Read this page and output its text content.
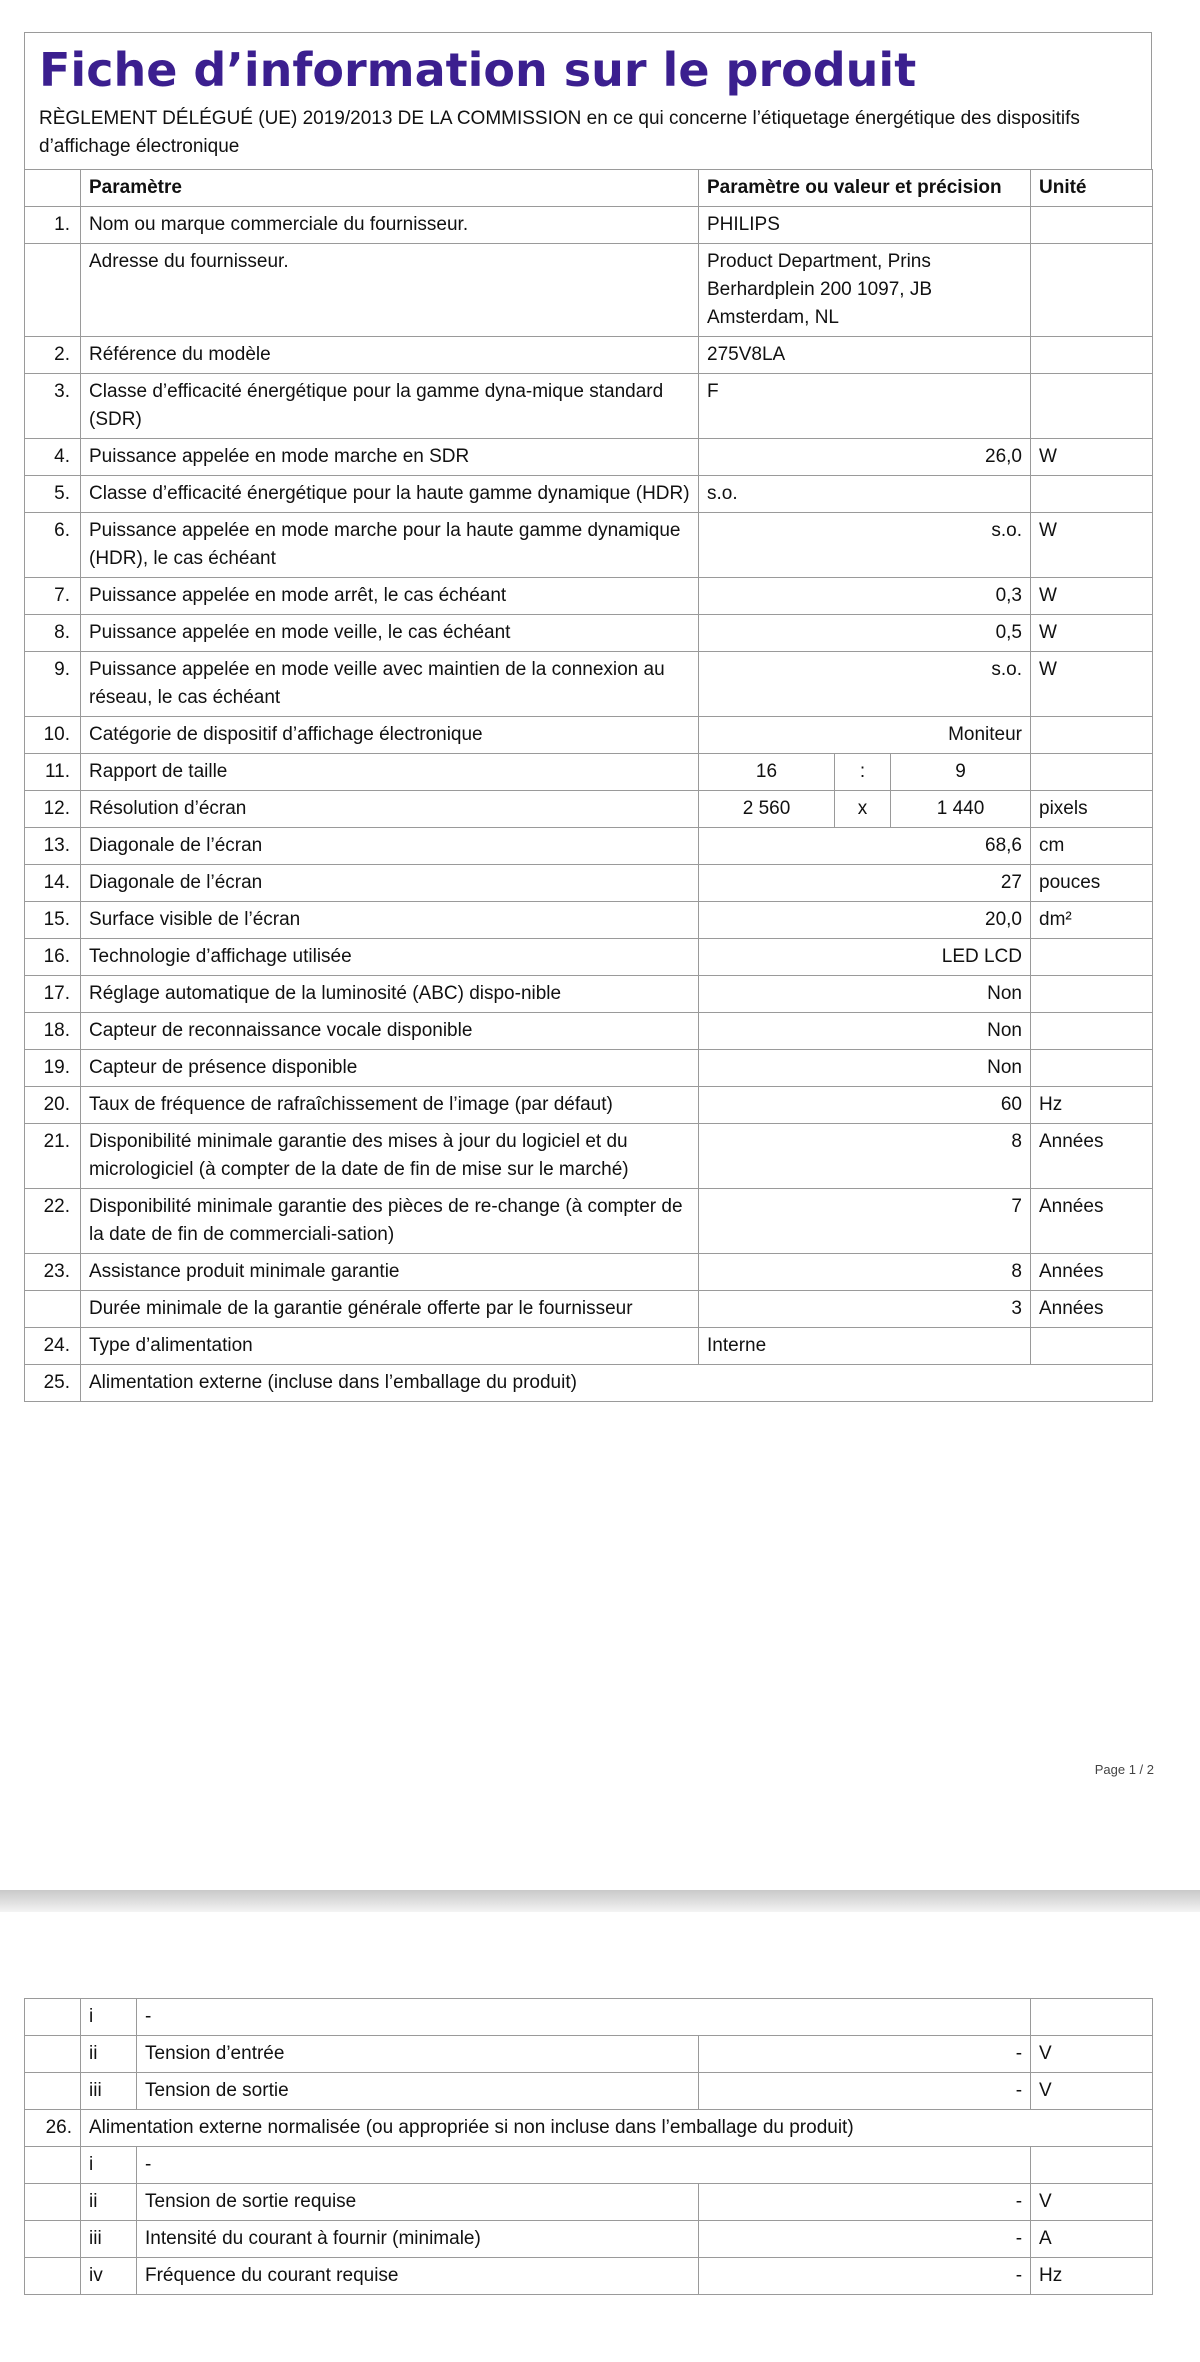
Fiche d’information sur le produit
RÈGLEMENT DÉLÉGUÉ (UE) 2019/2013 DE LA COMMISSION en ce qui concerne l’étiquetage énergétique des dispositifs d’affichage électronique
	Paramètre	Paramètre ou valeur et précision			Unité
1.	Nom ou marque commerciale du fournisseur.	PHILIPS			
	Adresse du fournisseur.	Product Department, Prins Berhardplein 200 1097, JB Amsterdam, NL			
2.	Référence du modèle	275V8LA			
3.	Classe d’efficacité énergétique pour la gamme dyna-mique standard (SDR)	F			
4.	Puissance appelée en mode marche en SDR	26,0			W
5.	Classe d’efficacité énergétique pour la haute gamme dynamique (HDR)	s.o.			
6.	Puissance appelée en mode marche pour la haute gamme dynamique (HDR), le cas échéant	s.o.			W
7.	Puissance appelée en mode arrêt, le cas échéant	0,3			W
8.	Puissance appelée en mode veille, le cas échéant	0,5			W
9.	Puissance appelée en mode veille avec maintien de la connexion au réseau, le cas échéant	s.o.			W
10.	Catégorie de dispositif d’affichage électronique	Moniteur			
11.	Rapport de taille	16	:	9	
12.	Résolution d’écran	2 560	x	1 440	pixels
13.	Diagonale de l’écran	68,6			cm
14.	Diagonale de l’écran	27			pouces
15.	Surface visible de l’écran	20,0			dm²
16.	Technologie d’affichage utilisée	LED LCD			
17.	Réglage automatique de la luminosité (ABC) dispo-nible	Non			
18.	Capteur de reconnaissance vocale disponible	Non			
19.	Capteur de présence disponible	Non			
20.	Taux de fréquence de rafraîchissement de l’image (par défaut)	60			Hz
21.	Disponibilité minimale garantie des mises à jour du logiciel et du micrologiciel (à compter de la date de fin de mise sur le marché)	8			Années
22.	Disponibilité minimale garantie des pièces de re-change (à compter de la date de fin de commerciali-sation)	7			Années
23.	Assistance produit minimale garantie	8			Années
	Durée minimale de la garantie générale offerte par le fournisseur	3			Années
24.	Type d’alimentation	Interne			
25.	Alimentation externe (incluse dans l’emballage du produit)				
Page 1 / 2
	i	-		
	ii	Tension d’entrée	-	V
	iii	Tension de sortie	-	V
26.	Alimentation externe normalisée (ou appropriée si non incluse dans l’emballage du produit)			
	i	-		
	ii	Tension de sortie requise	-	V
	iii	Intensité du courant à fournir (minimale)	-	A
	iv	Fréquence du courant requise	-	Hz
